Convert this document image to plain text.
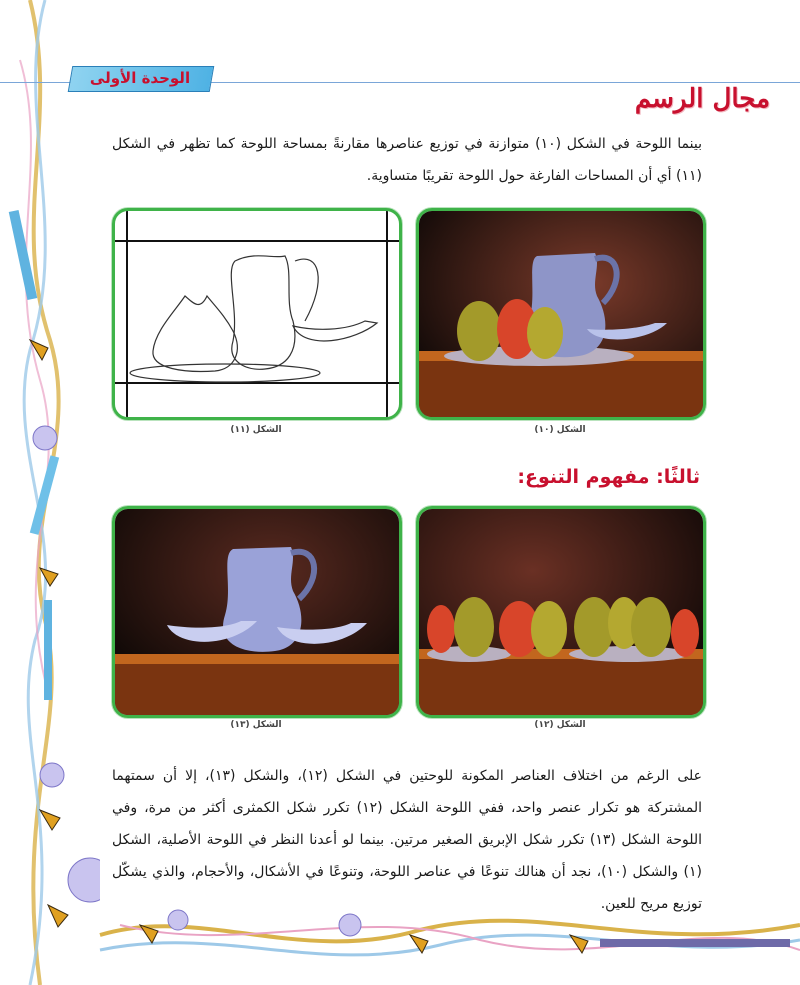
مجال الرسم
الوحدة الأولى
بينما اللوحة في الشكل (١٠) متوازنة في توزيع عناصرها مقارنةً بمساحة اللوحة كما تظهر في الشكل (١١) أي أن المساحات الفارغة حول اللوحة تقريبًا متساوية.
الشكل (١٠)
الشكل (١١)
ثالثًا: مفهوم التنوع:
الشكل (١٢)
الشكل (١٣)
على الرغم من اختلاف العناصر المكونة للوحتين في الشكل (١٢)، والشكل (١٣)، إلا أن سمتهما المشتركة هو تكرار عنصر واحد، ففي اللوحة الشكل (١٢) تكرر شكل الكمثرى أكثر من مرة، وفي اللوحة الشكل (١٣) تكرر شكل الإبريق الصغير مرتين. بينما لو أعدنا النظر في اللوحة الأصلية، الشكل (١) والشكل (١٠)، نجد أن هنالك تنوعًا في عناصر اللوحة، وتنوعًا في الأشكال، والأحجام، والذي يشكّل توزيع مريح للعين.
